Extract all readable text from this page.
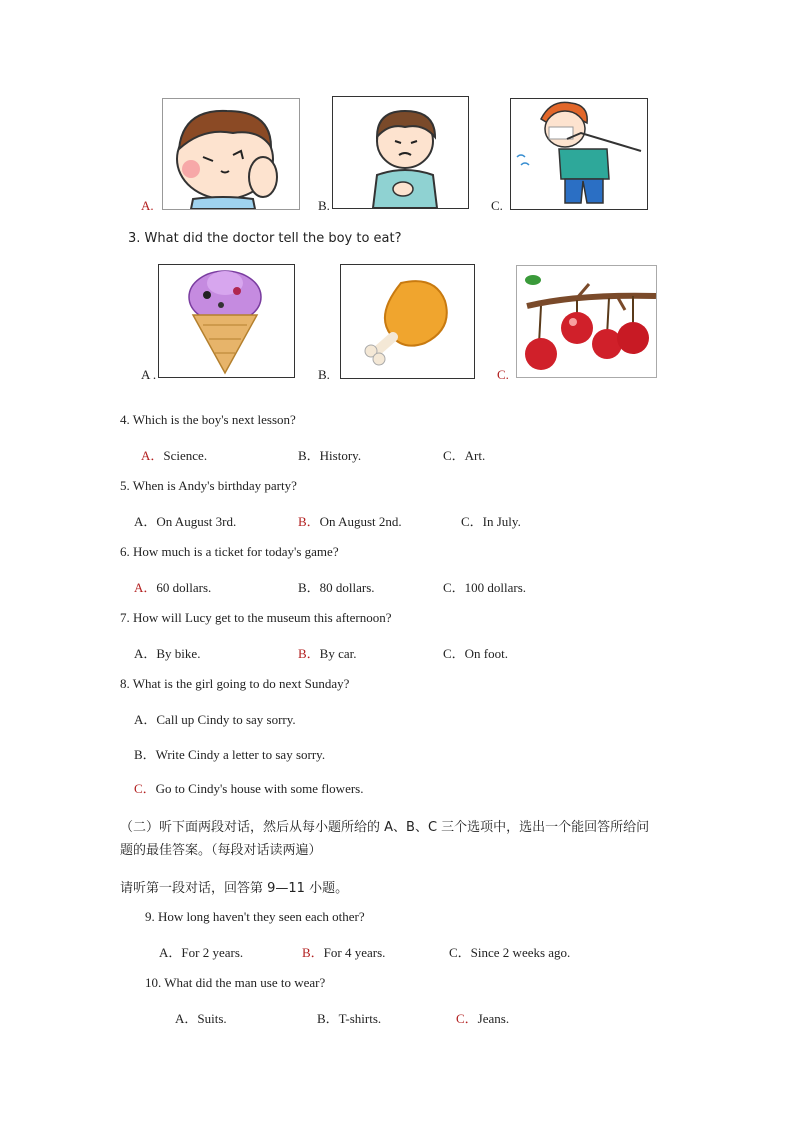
A.	B.	C.
3. What did the doctor tell the boy to eat?
A .	B.	C.
4. Which is the boy's next lesson?
A．Science.	B．History.	C．Art.
5. When is Andy's birthday party?
A．On August 3rd.	B．On August 2nd.	C．In July.
6. How much is a ticket for today's game?
A．60 dollars.	B．80 dollars.	C．100 dollars.
7. How will Lucy get to the museum this afternoon?
A．By bike.	B．By car.	C．On foot.
8. What is the girl going to do next Sunday?
A．Call up Cindy to say sorry.
B．Write Cindy a letter to say sorry.
C．Go to Cindy's house with some flowers.
（二）听下面两段对话，然后从每小题所给的 A、B、C 三个选项中，选出一个能回答所给问
题的最佳答案。（每段对话读两遍）
请听第一段对话，回答第 9—11 小题。
9. How long haven't they seen each other?
A．For 2 years.	B．For 4 years.	C．Since 2 weeks ago.
10. What did the man use to wear?
A．Suits.	B．T-shirts.	C．Jeans.
